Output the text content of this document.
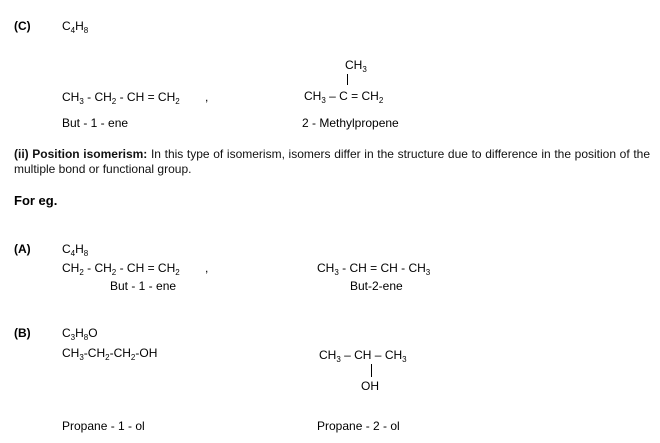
(C)	$C_4H_8$
$CH_3 - CH_2$ - CH = $CH_2$ ,
But - 1 - ene
$CH_3$
$CH_3 - C = CH_2$
2 - Methylpropene
(ii) Position isomerism: In this type of isomerism, isomers differ in the structure due to difference in the position of the multiple bond or functional group.
For eg.
(A)	$C_4H_8$
$CH_2 - CH_2$ - CH = $CH_2$ ,
But - 1 - ene
$CH_3$ - CH = CH - $CH_3$
But-2-ene
(B)	$C_3H_8O$
$CH_3-CH_2-CH_2-OH$
Propane - 1 - ol
$CH_3$ – CH – $CH_3$
OH
Propane - 2 - ol
